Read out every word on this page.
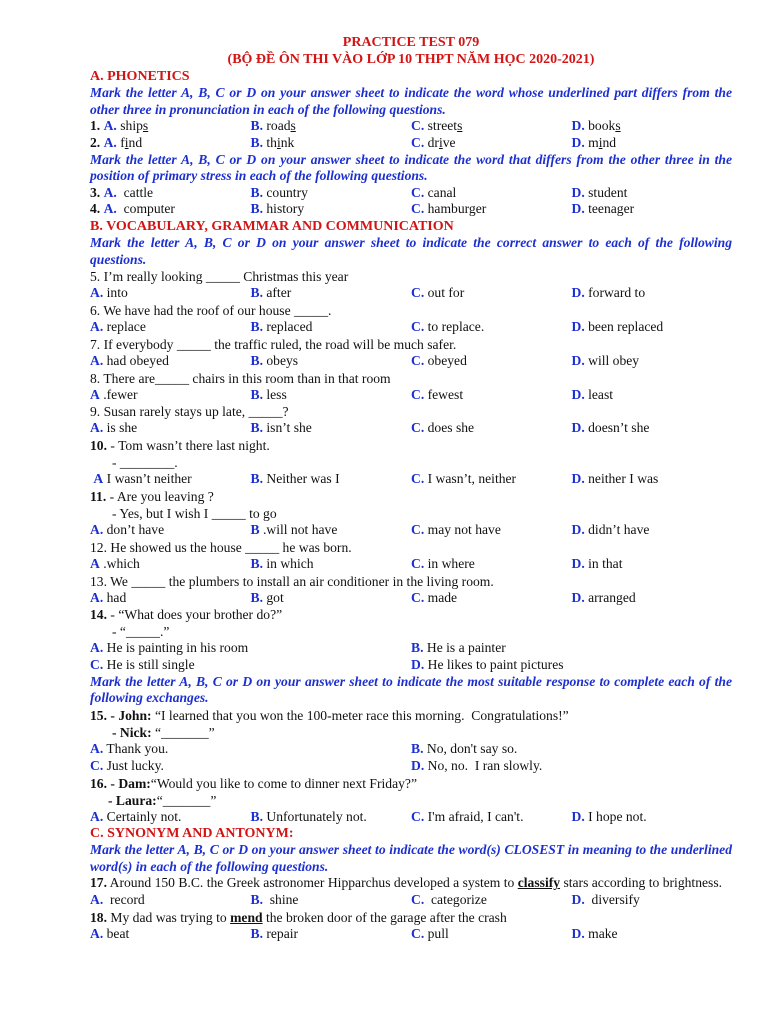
PRACTICE TEST 079
(BỘ ĐỀ ÔN THI VÀO LỚP 10 THPT NĂM HỌC 2020-2021)
A. PHONETICS
Mark the letter A, B, C or D on your answer sheet to indicate the word whose underlined part differs from the other three in pronunciation in each of the following questions.
1. A. ships	B. roads	C. streets	D. books
2. A. find	B. think	C. drive	D. mind
Mark the letter A, B, C or D on your answer sheet to indicate the word that differs from the other three in the position of primary stress in each of the following questions.
3. A. cattle	B. country	C. canal	D. student
4. A. computer	B. history	C. hamburger	D. teenager
B. VOCABULARY, GRAMMAR AND COMMUNICATION
Mark the letter A, B, C or D on your answer sheet to indicate the correct answer to each of the following questions.
5. I’m really looking _____ Christmas this year
A. into	B. after	C. out for	D. forward to
6. We have had the roof of our house _____.
A. replace	B. replaced	C. to replace.	D. been replaced
7. If everybody _____ the traffic ruled, the road will be much safer.
A. had obeyed	B. obeys	C. obeyed	D. will obey
8. There are_____ chairs in this room than in that room
A .fewer	B. less	C. fewest	D. least
9. Susan rarely stays up late, _____?
A. is she	B. isn’t she	C. does she	D. doesn’t she
10. - Tom wasn’t there last night.
- ________.
A I wasn’t neither	B. Neither was I	C. I wasn’t, neither	D. neither I was
11. - Are you leaving ?
- Yes, but I wish I _____ to go
A. don’t have	B .will not have	C. may not have	D. didn’t have
12. He showed us the house _____ he was born.
A .which	B. in which	C. in where	D. in that
13. We _____ the plumbers to install an air conditioner in the living room.
A. had	B. got	C. made	D. arranged
14. - “What does your brother do?”
- “_____.”
A. He is painting in his room	B. He is a painter
C. He is still single	D. He likes to paint pictures
Mark the letter A, B, C or D on your answer sheet to indicate the most suitable response to complete each of the following exchanges.
15. - John: “I learned that you won the 100-meter race this morning.  Congratulations!”
- Nick: “_______”
A. Thank you.	B. No, don't say so.
C. Just lucky.	D. No, no.  I ran slowly.
16. - Dam:“Would you like to come to dinner next Friday?”
- Laura:“_______”
A. Certainly not.	B. Unfortunately not.	C. I'm afraid, I can't.	D. I hope not.
C. SYNONYM AND ANTONYM:
Mark the letter A, B, C or D on your answer sheet to indicate the word(s) CLOSEST in meaning to the underlined word(s) in each of the following questions.
17. Around 150 B.C. the Greek astronomer Hipparchus developed a system to classify stars according to brightness.
A. record	B. shine	C. categorize	D. diversify
18. My dad was trying to mend the broken door of the garage after the crash
A. beat	B. repair	C. pull	D. make
